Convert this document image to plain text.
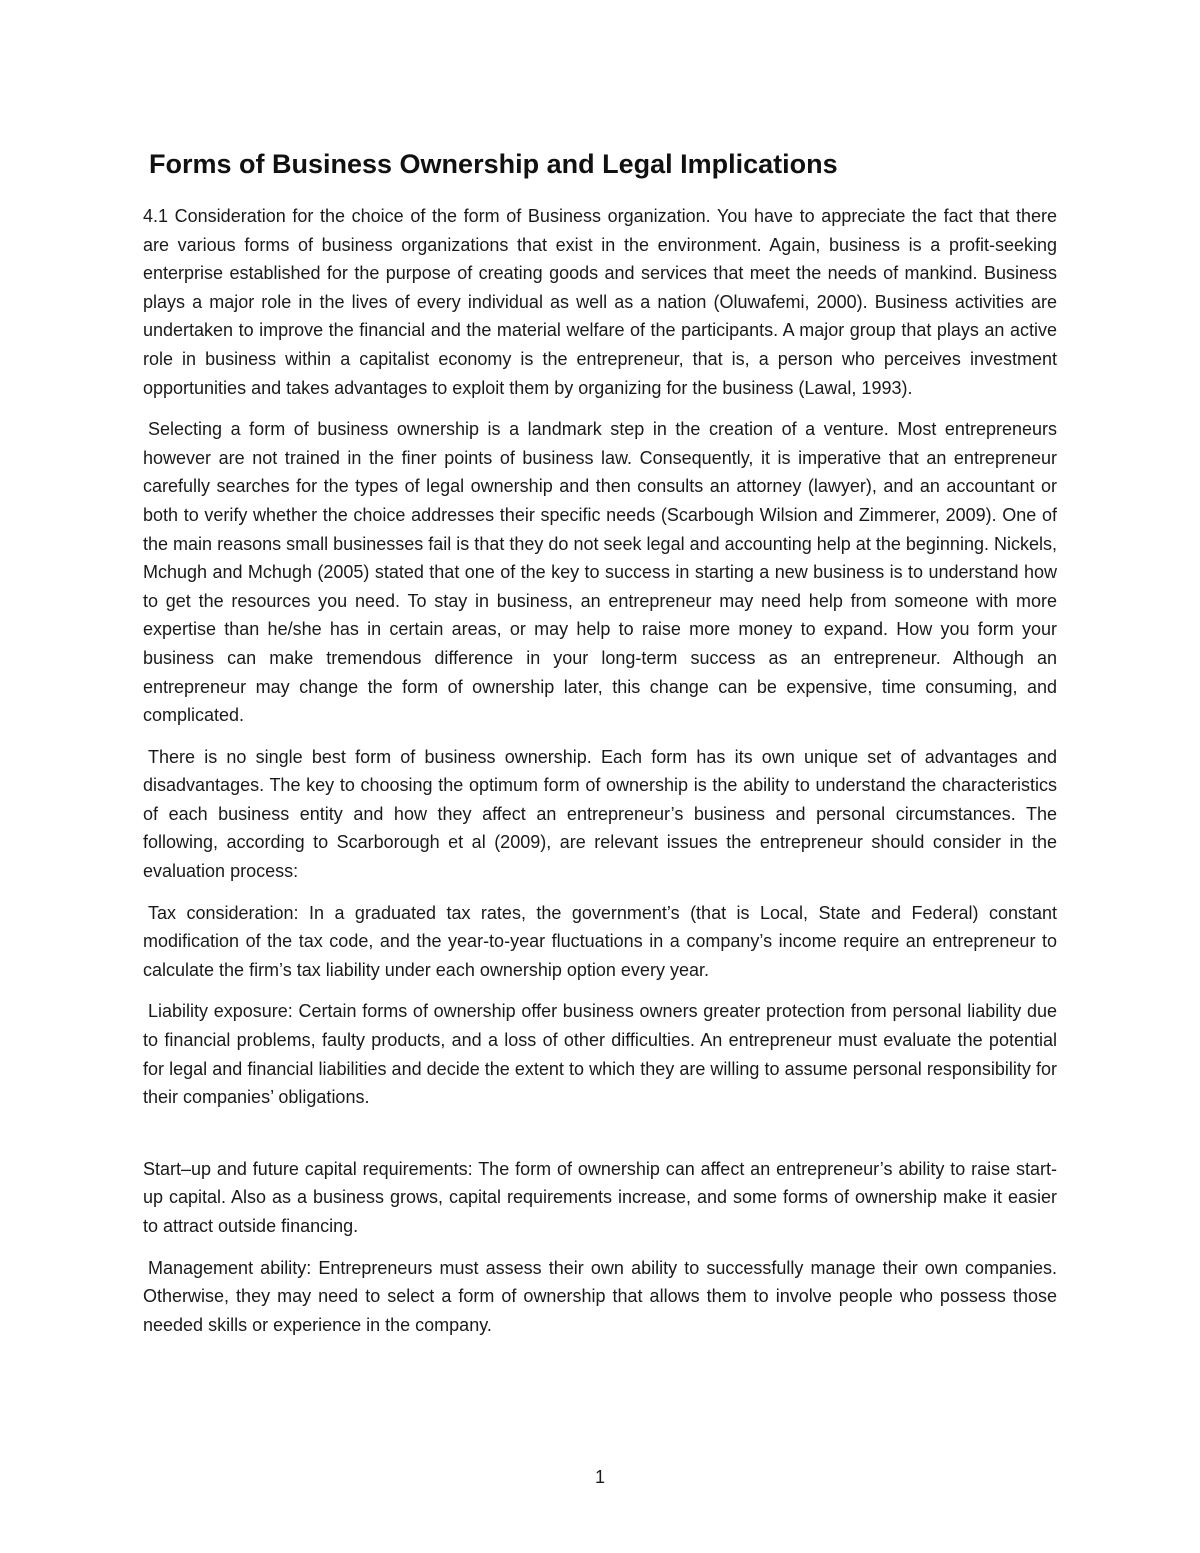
Forms of Business Ownership and Legal Implications

4.1 Consideration for the choice of the form of Business organization. You have to appreciate the fact that there are various forms of business organizations that exist in the environment. Again, business is a profit-seeking enterprise established for the purpose of creating goods and services that meet the needs of mankind. Business plays a major role in the lives of every individual as well as a nation (Oluwafemi, 2000). Business activities are undertaken to improve the financial and the material welfare of the participants. A major group that plays an active role in business within a capitalist economy is the entrepreneur, that is, a person who perceives investment opportunities and takes advantages to exploit them by organizing for the business (Lawal, 1993).

Selecting a form of business ownership is a landmark step in the creation of a venture. Most entrepreneurs however are not trained in the finer points of business law. Consequently, it is imperative that an entrepreneur carefully searches for the types of legal ownership and then consults an attorney (lawyer), and an accountant or both to verify whether the choice addresses their specific needs (Scarbough Wilsion and Zimmerer, 2009). One of the main reasons small businesses fail is that they do not seek legal and accounting help at the beginning. Nickels, Mchugh and Mchugh (2005) stated that one of the key to success in starting a new business is to understand how to get the resources you need. To stay in business, an entrepreneur may need help from someone with more expertise than he/she has in certain areas, or may help to raise more money to expand. How you form your business can make tremendous difference in your long-term success as an entrepreneur. Although an entrepreneur may change the form of ownership later, this change can be expensive, time consuming, and complicated.

There is no single best form of business ownership. Each form has its own unique set of advantages and disadvantages. The key to choosing the optimum form of ownership is the ability to understand the characteristics of each business entity and how they affect an entrepreneur’s business and personal circumstances. The following, according to Scarborough et al (2009), are relevant issues the entrepreneur should consider in the evaluation process:

Tax consideration: In a graduated tax rates, the government’s (that is Local, State and Federal) constant modification of the tax code, and the year-to-year fluctuations in a company’s income require an entrepreneur to calculate the firm’s tax liability under each ownership option every year.

Liability exposure: Certain forms of ownership offer business owners greater protection from personal liability due to financial problems, faulty products, and a loss of other difficulties. An entrepreneur must evaluate the potential for legal and financial liabilities and decide the extent to which they are willing to assume personal responsibility for their companies’ obligations.

Start–up and future capital requirements: The form of ownership can affect an entrepreneur’s ability to raise start-up capital. Also as a business grows, capital requirements increase, and some forms of ownership make it easier to attract outside financing.

Management ability: Entrepreneurs must assess their own ability to successfully manage their own companies. Otherwise, they may need to select a form of ownership that allows them to involve people who possess those needed skills or experience in the company.

1
